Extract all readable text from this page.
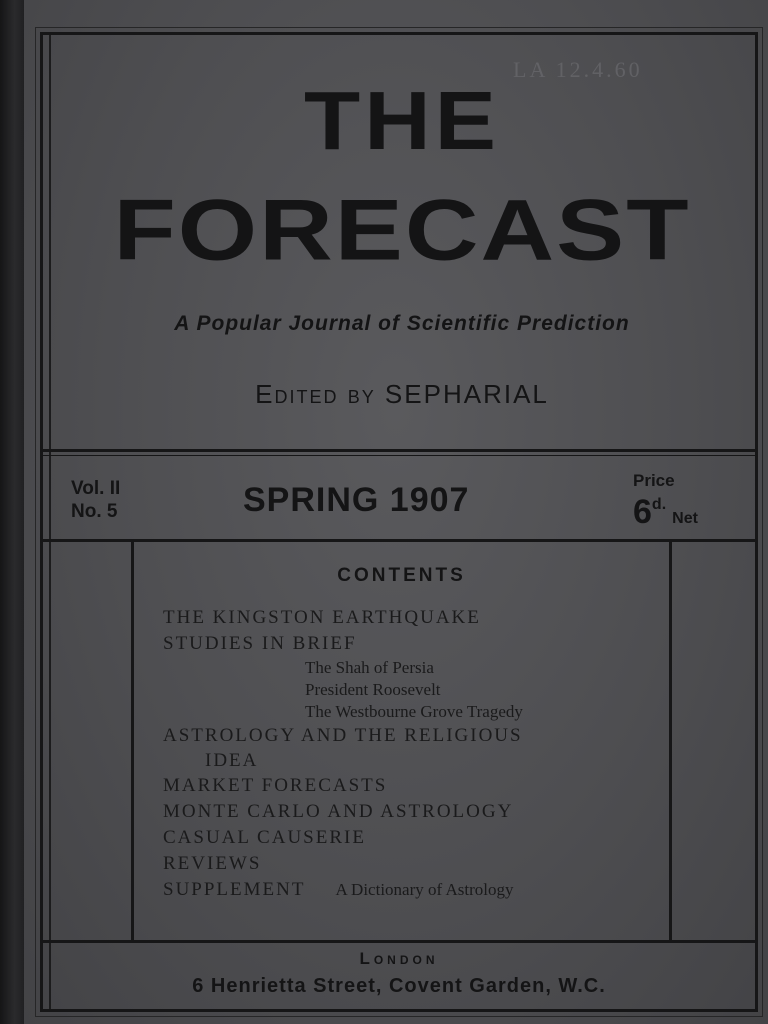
LA 12.4.60
THE
FORECAST
A Popular Journal of Scientific Prediction
Edited by SEPHARIAL
Vol. II
No. 5	SPRING 1907
Price
6d.Net
CONTENTS
THE KINGSTON EARTHQUAKE
STUDIES IN BRIEF
The Shah of Persia
President Roosevelt
The Westbourne Grove Tragedy
ASTROLOGY AND THE RELIGIOUS
IDEA
MARKET FORECASTS
MONTE CARLO AND ASTROLOGY
CASUAL CAUSERIE
REVIEWS
SUPPLEMENT A Dictionary of Astrology
London
6 Henrietta Street, Covent Garden, W.C.
